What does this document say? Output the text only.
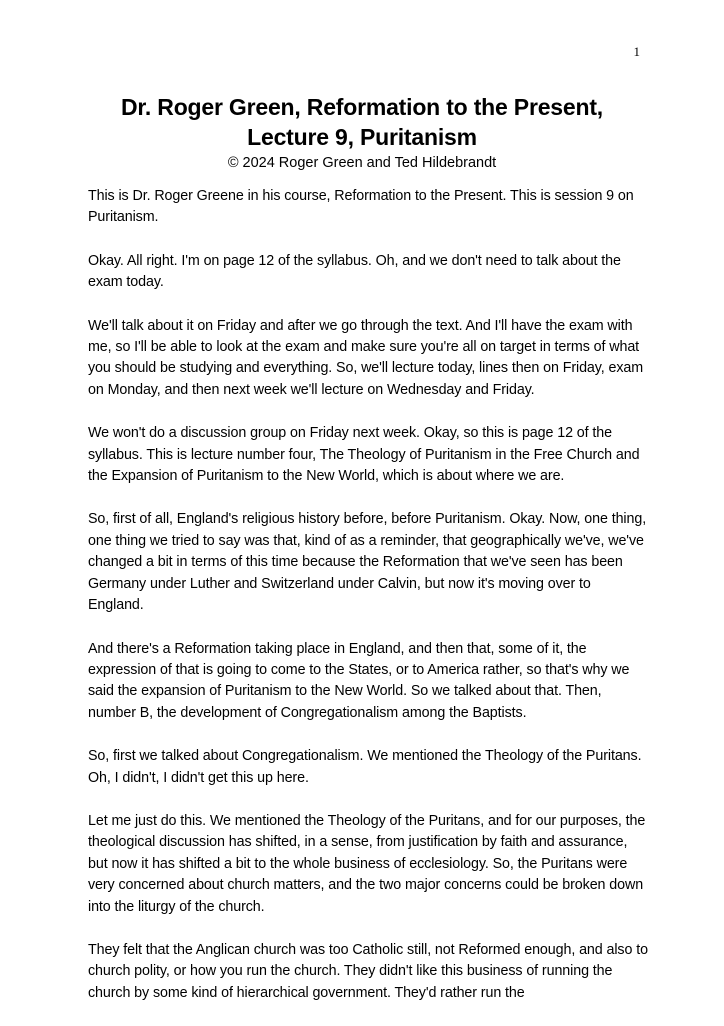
1
Dr. Roger Green, Reformation to the Present,
Lecture 9, Puritanism
© 2024 Roger Green and Ted Hildebrandt

This is Dr. Roger Greene in his course, Reformation to the Present. This is session 9 on Puritanism.

Okay. All right. I'm on page 12 of the syllabus. Oh, and we don't need to talk about the exam today.

We'll talk about it on Friday and after we go through the text. And I'll have the exam with me, so I'll be able to look at the exam and make sure you're all on target in terms of what you should be studying and everything. So, we'll lecture today, lines then on Friday, exam on Monday, and then next week we'll lecture on Wednesday and Friday.

We won't do a discussion group on Friday next week. Okay, so this is page 12 of the syllabus. This is lecture number four, The Theology of Puritanism in the Free Church and the Expansion of Puritanism to the New World, which is about where we are.

So, first of all, England's religious history before, before Puritanism. Okay. Now, one thing, one thing we tried to say was that, kind of as a reminder, that geographically we've, we've changed a bit in terms of this time because the Reformation that we've seen has been Germany under Luther and Switzerland under Calvin, but now it's moving over to England.

And there's a Reformation taking place in England, and then that, some of it, the expression of that is going to come to the States, or to America rather, so that's why we said the expansion of Puritanism to the New World. So we talked about that. Then, number B, the development of Congregationalism among the Baptists.

So, first we talked about Congregationalism. We mentioned the Theology of the Puritans. Oh, I didn't, I didn't get this up here.

Let me just do this. We mentioned the Theology of the Puritans, and for our purposes, the theological discussion has shifted, in a sense, from justification by faith and assurance, but now it has shifted a bit to the whole business of ecclesiology. So, the Puritans were very concerned about church matters, and the two major concerns could be broken down into the liturgy of the church.

They felt that the Anglican church was too Catholic still, not Reformed enough, and also to church polity, or how you run the church. They didn't like this business of running the church by some kind of hierarchical government. They'd rather run the
